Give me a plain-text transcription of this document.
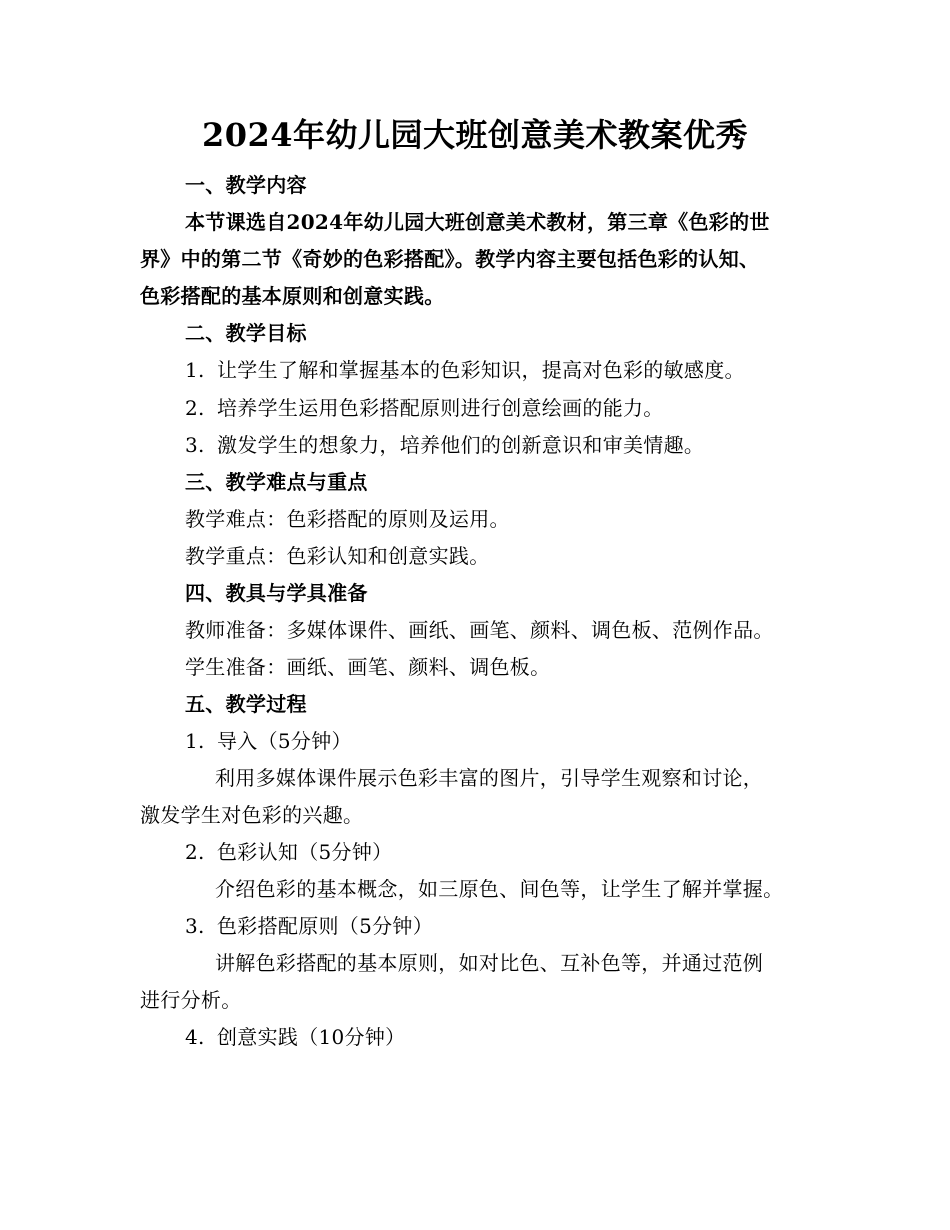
2024年幼儿园大班创意美术教案优秀
一、教学内容
本节课选自2024年幼儿园大班创意美术教材，第三章《色彩的世
界》中的第二节《奇妙的色彩搭配》。教学内容主要包括色彩的认知、
色彩搭配的基本原则和创意实践。
二、教学目标
1. 让学生了解和掌握基本的色彩知识，提高对色彩的敏感度。
2. 培养学生运用色彩搭配原则进行创意绘画的能力。
3. 激发学生的想象力，培养他们的创新意识和审美情趣。
三、教学难点与重点
教学难点：色彩搭配的原则及运用。
教学重点：色彩认知和创意实践。
四、教具与学具准备
教师准备：多媒体课件、画纸、画笔、颜料、调色板、范例作品。
学生准备：画纸、画笔、颜料、调色板。
五、教学过程
1. 导入（5分钟）
利用多媒体课件展示色彩丰富的图片，引导学生观察和讨论，
激发学生对色彩的兴趣。
2. 色彩认知（5分钟）
介绍色彩的基本概念，如三原色、间色等，让学生了解并掌握。
3. 色彩搭配原则（5分钟）
讲解色彩搭配的基本原则，如对比色、互补色等，并通过范例
进行分析。
4. 创意实践（10分钟）
